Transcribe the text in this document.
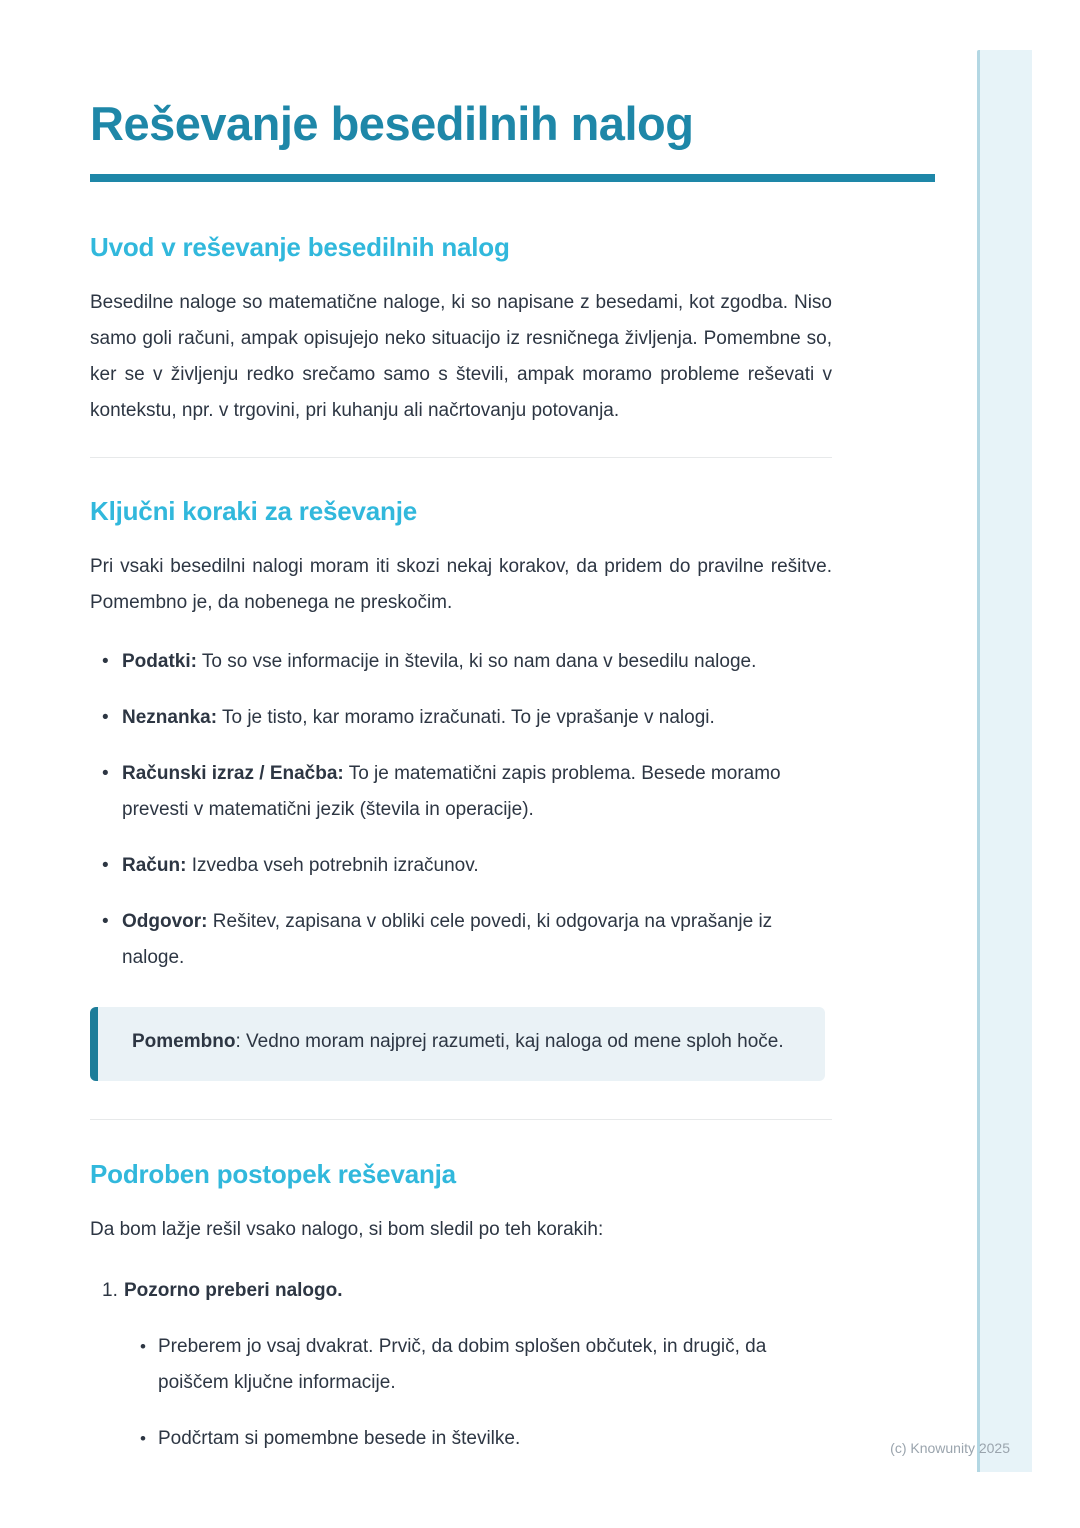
Reševanje besedilnih nalog
Uvod v reševanje besedilnih nalog

Besedilne naloge so matematične naloge, ki so napisane z besedami, kot zgodba. Niso samo goli računi, ampak opisujejo neko situacijo iz resničnega življenja. Pomembne so, ker se v življenju redko srečamo samo s števili, ampak moramo probleme reševati v kontekstu, npr. v trgovini, pri kuhanju ali načrtovanju potovanja.

Ključni koraki za reševanje

Pri vsaki besedilni nalogi moram iti skozi nekaj korakov, da pridem do pravilne rešitve. Pomembno je, da nobenega ne preskočim.

• Podatki: To so vse informacije in števila, ki so nam dana v besedilu naloge.
• Neznanka: To je tisto, kar moramo izračunati. To je vprašanje v nalogi.
• Računski izraz / Enačba: To je matematični zapis problema. Besede moramo prevesti v matematični jezik (števila in operacije).
• Račun: Izvedba vseh potrebnih izračunov.
• Odgovor: Rešitev, zapisana v obliki cele povedi, ki odgovarja na vprašanje iz naloge.
Pomembno: Vedno moram najprej razumeti, kaj naloga od mene sploh hoče.
Podroben postopek reševanja

Da bom lažje rešil vsako nalogo, si bom sledil po teh korakih:

1. Pozorno preberi nalogo.
• Preberem jo vsaj dvakrat. Prvič, da dobim splošen občutek, in drugič, da poiščem ključne informacije.
• Podčrtam si pomembne besede in številke.	(c) Knowunity 2025
